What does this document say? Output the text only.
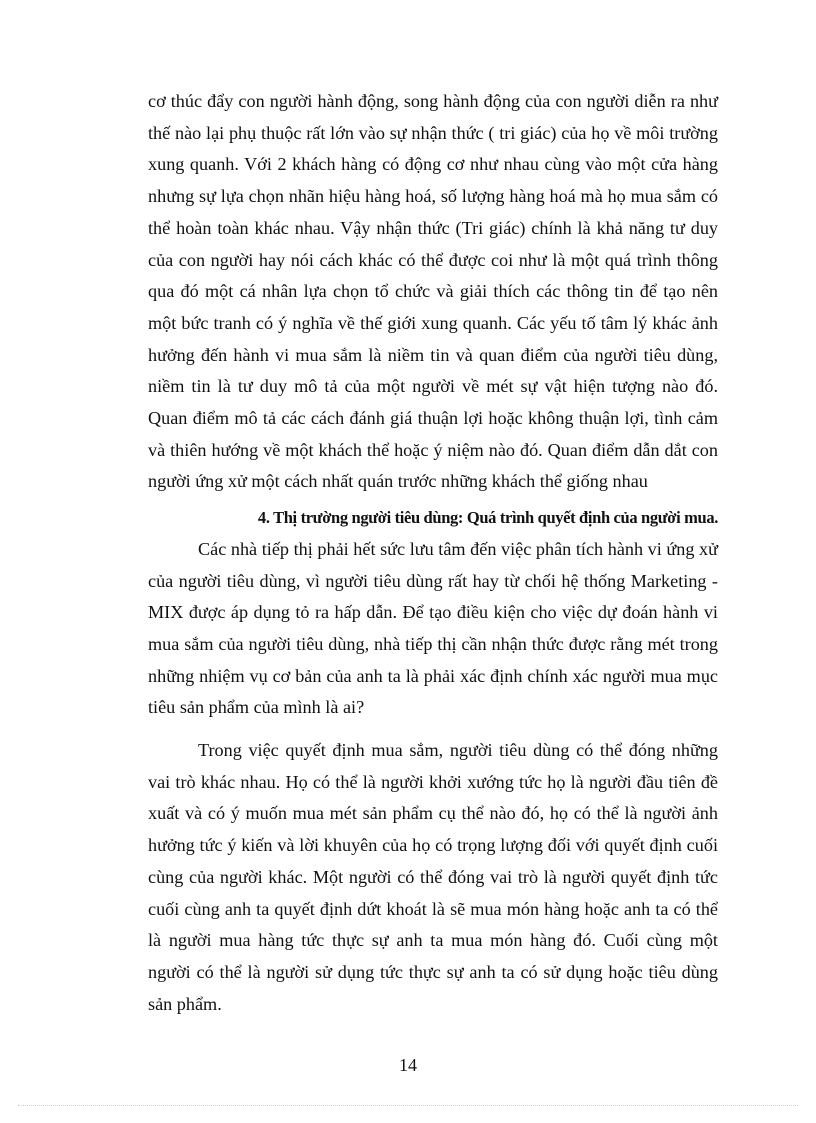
cơ thúc đẩy con người hành động, song hành động của con người diễn ra như thế nào lại phụ thuộc rất lớn vào sự nhận thức ( tri giác) của họ về môi trường xung quanh. Với 2 khách hàng có động cơ như nhau cùng vào một cửa hàng nhưng sự lựa chọn nhãn hiệu hàng hoá, số lượng hàng hoá mà họ mua sắm có thể hoàn toàn khác nhau. Vậy nhận thức (Tri giác) chính là khả năng tư duy của con người hay nói cách khác có thể được coi như là một quá trình thông qua đó một cá nhân lựa chọn tổ chức và giải thích các thông tin để tạo nên một bức tranh có ý nghĩa về thế giới xung quanh. Các yếu tố tâm lý khác ảnh hưởng đến hành vi mua sắm là niềm tin và quan điểm của người tiêu dùng, niềm tin là tư duy mô tả của một người về mét sự vật hiện tượng nào đó. Quan điểm mô tả các cách đánh giá thuận lợi hoặc không thuận lợi, tình cảm và thiên hướng về một khách thể hoặc ý niệm nào đó. Quan điểm dẫn dắt con người ứng xử một cách nhất quán trước những khách thể giống nhau

4. Thị trường người tiêu dùng: Quá trình quyết định của người mua.

Các nhà tiếp thị phải hết sức lưu tâm đến việc phân tích hành vi ứng xử của người tiêu dùng, vì người tiêu dùng rất hay từ chối hệ thống Marketing - MIX được áp dụng tỏ ra hấp dẫn. Để tạo điều kiện cho việc dự đoán hành vi mua sắm của người tiêu dùng, nhà tiếp thị cần nhận thức được rằng mét trong những nhiệm vụ cơ bản của anh ta là phải xác định chính xác người mua mục tiêu sản phẩm của mình là ai?

Trong việc quyết định mua sắm, người tiêu dùng có thể đóng những vai trò khác nhau. Họ có thể là người khởi xướng tức họ là người đầu tiên đề xuất và có ý muốn mua mét sản phẩm cụ thể nào đó, họ có thể là người ảnh hưởng tức ý kiến và lời khuyên của họ có trọng lượng đối với quyết định cuối cùng của người khác. Một người có thể đóng vai trò là người quyết định tức cuối cùng anh ta quyết định dứt khoát là sẽ mua món hàng hoặc anh ta có thể là người mua hàng tức thực sự anh ta mua món hàng đó. Cuối cùng một người có thể là người sử dụng tức thực sự anh ta có sử dụng hoặc tiêu dùng sản phẩm.

14
